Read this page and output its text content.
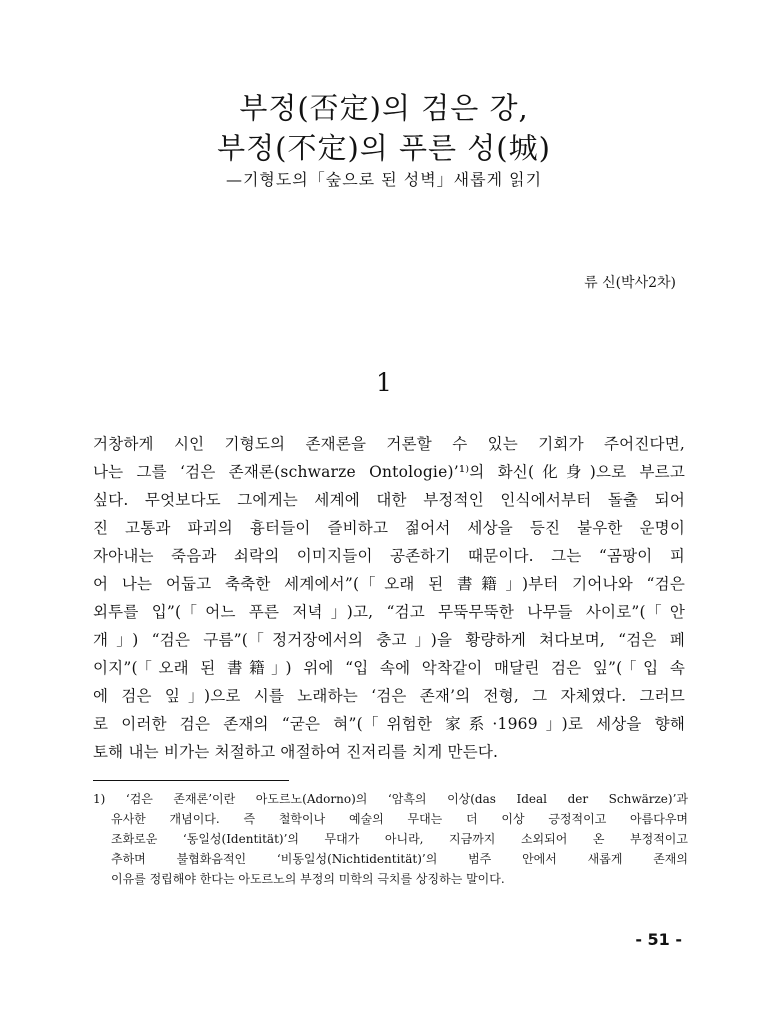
부정(否定)의 검은 강,
부정(不定)의 푸른 성(城)
—기형도의「숲으로 된 성벽」새롭게 읽기
류 신(박사2차)
1
거창하게 시인 기형도의 존재론을 거론할 수 있는 기회가 주어진다면,
나는 그를 ‘검은 존재론(schwarze Ontologie)’¹⁾의 화신(化身)으로 부르고
싶다. 무엇보다도 그에게는 세계에 대한 부정적인 인식에서부터 돌출 되어
진 고통과 파괴의 흉터들이 즐비하고 젊어서 세상을 등진 불우한 운명이
자아내는 죽음과 쇠락의 이미지들이 공존하기 때문이다. 그는 “곰팡이 피
어 나는 어둡고 축축한 세계에서”(「오래 된 書籍」)부터 기어나와 “검은
외투를 입”(「어느 푸른 저녁」)고, “검고 무뚝무뚝한 나무들 사이로”(「안
개」) “검은 구름”(「정거장에서의 충고」)을 황량하게 쳐다보며, “검은 페
이지”(「오래 된 書籍」) 위에 “입 속에 악착같이 매달린 검은 잎”(「입 속
에 검은 잎」)으로 시를 노래하는 ‘검은 존재’의 전형, 그 자체였다. 그러므
로 이러한 검은 존재의 “굳은 혀”(「위험한 家系·1969」)로 세상을 향해
토해 내는 비가는 처절하고 애절하여 진저리를 치게 만든다.
1) ‘검은 존재론’이란 아도르노(Adorno)의 ‘암흑의 이상(das Ideal der Schwärze)’과
유사한 개념이다. 즉 철학이나 예술의 무대는 더 이상 긍정적이고 아름다우며
조화로운 ‘동일성(Identität)’의 무대가 아니라, 지금까지 소외되어 온 부정적이고
추하며 불협화음적인 ‘비동일성(Nichtidentität)’의 범주 안에서 새롭게 존재의
이유를 정립해야 한다는 아도르노의 부정의 미학의 극치를 상징하는 말이다.
- 51 -
